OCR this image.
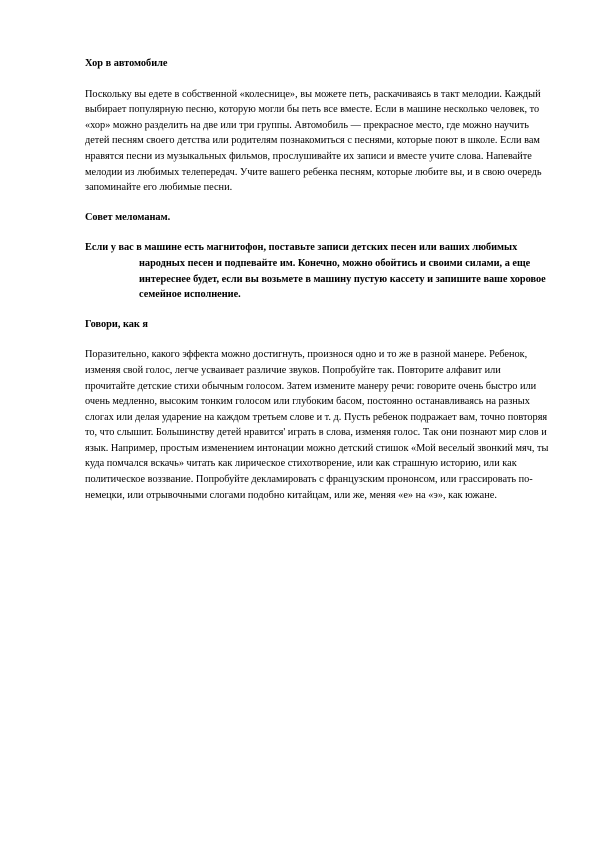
Хор в автомобиле

Поскольку вы едете в собственной «колеснице», вы можете петь, раскачиваясь в такт мелодии. Каждый выбирает популярную песню, которую могли бы петь все вместе. Если в машине несколько человек, то «хор» можно разделить на две или три группы. Автомобиль — прекрасное место, где можно научить детей песням своего детства или родителям познакомиться с песнями, которые поют в школе. Если вам нравятся песни из музыкальных фильмов, прослушивайте их записи и вместе учите слова. Напевайте мелодии из любимых телепередач. Учите вашего ребенка песням, которые любите вы, и в свою очередь запоминайте его любимые песни.

Совет меломанам.

Если у вас в машине есть магнитофон, поставьте записи детских песен или ваших любимых народных песен и подпевайте им. Конечно, можно обойтись и своими силами, а еще интереснее будет, если вы возьмете в машину пустую кассету и запишите ваше хоровое семейное исполнение.

Говори, как я

Поразительно, какого эффекта можно достигнуть, произнося одно и то же в разной манере. Ребенок, изменяя свой голос, легче усваивает различие звуков. Попробуйте так. Повторите алфавит или прочитайте детские стихи обычным голосом. Затем измените манеру речи: говорите очень быстро или очень медленно, высоким тонким голосом или глубоким басом, постоянно останавливаясь на разных слогах или делая ударение на каждом третьем слове и т. д. Пусть ребенок подражает вам, точно повторяя то, что слышит. Большинству детей нравится' играть в слова, изменяя голос. Так они познают мир слов и язык. Например, простым изменением интонации можно детский стишок «Мой веселый звонкий мяч, ты куда помчался вскачь» читать как лирическое стихотворение, или как страшную историю, или как политическое воззвание. Попробуйте декламировать с французским прононсом, или грассировать по-немецки, или отрывочными слогами подобно китайцам, или же, меняя «е» на «э», как южане.
